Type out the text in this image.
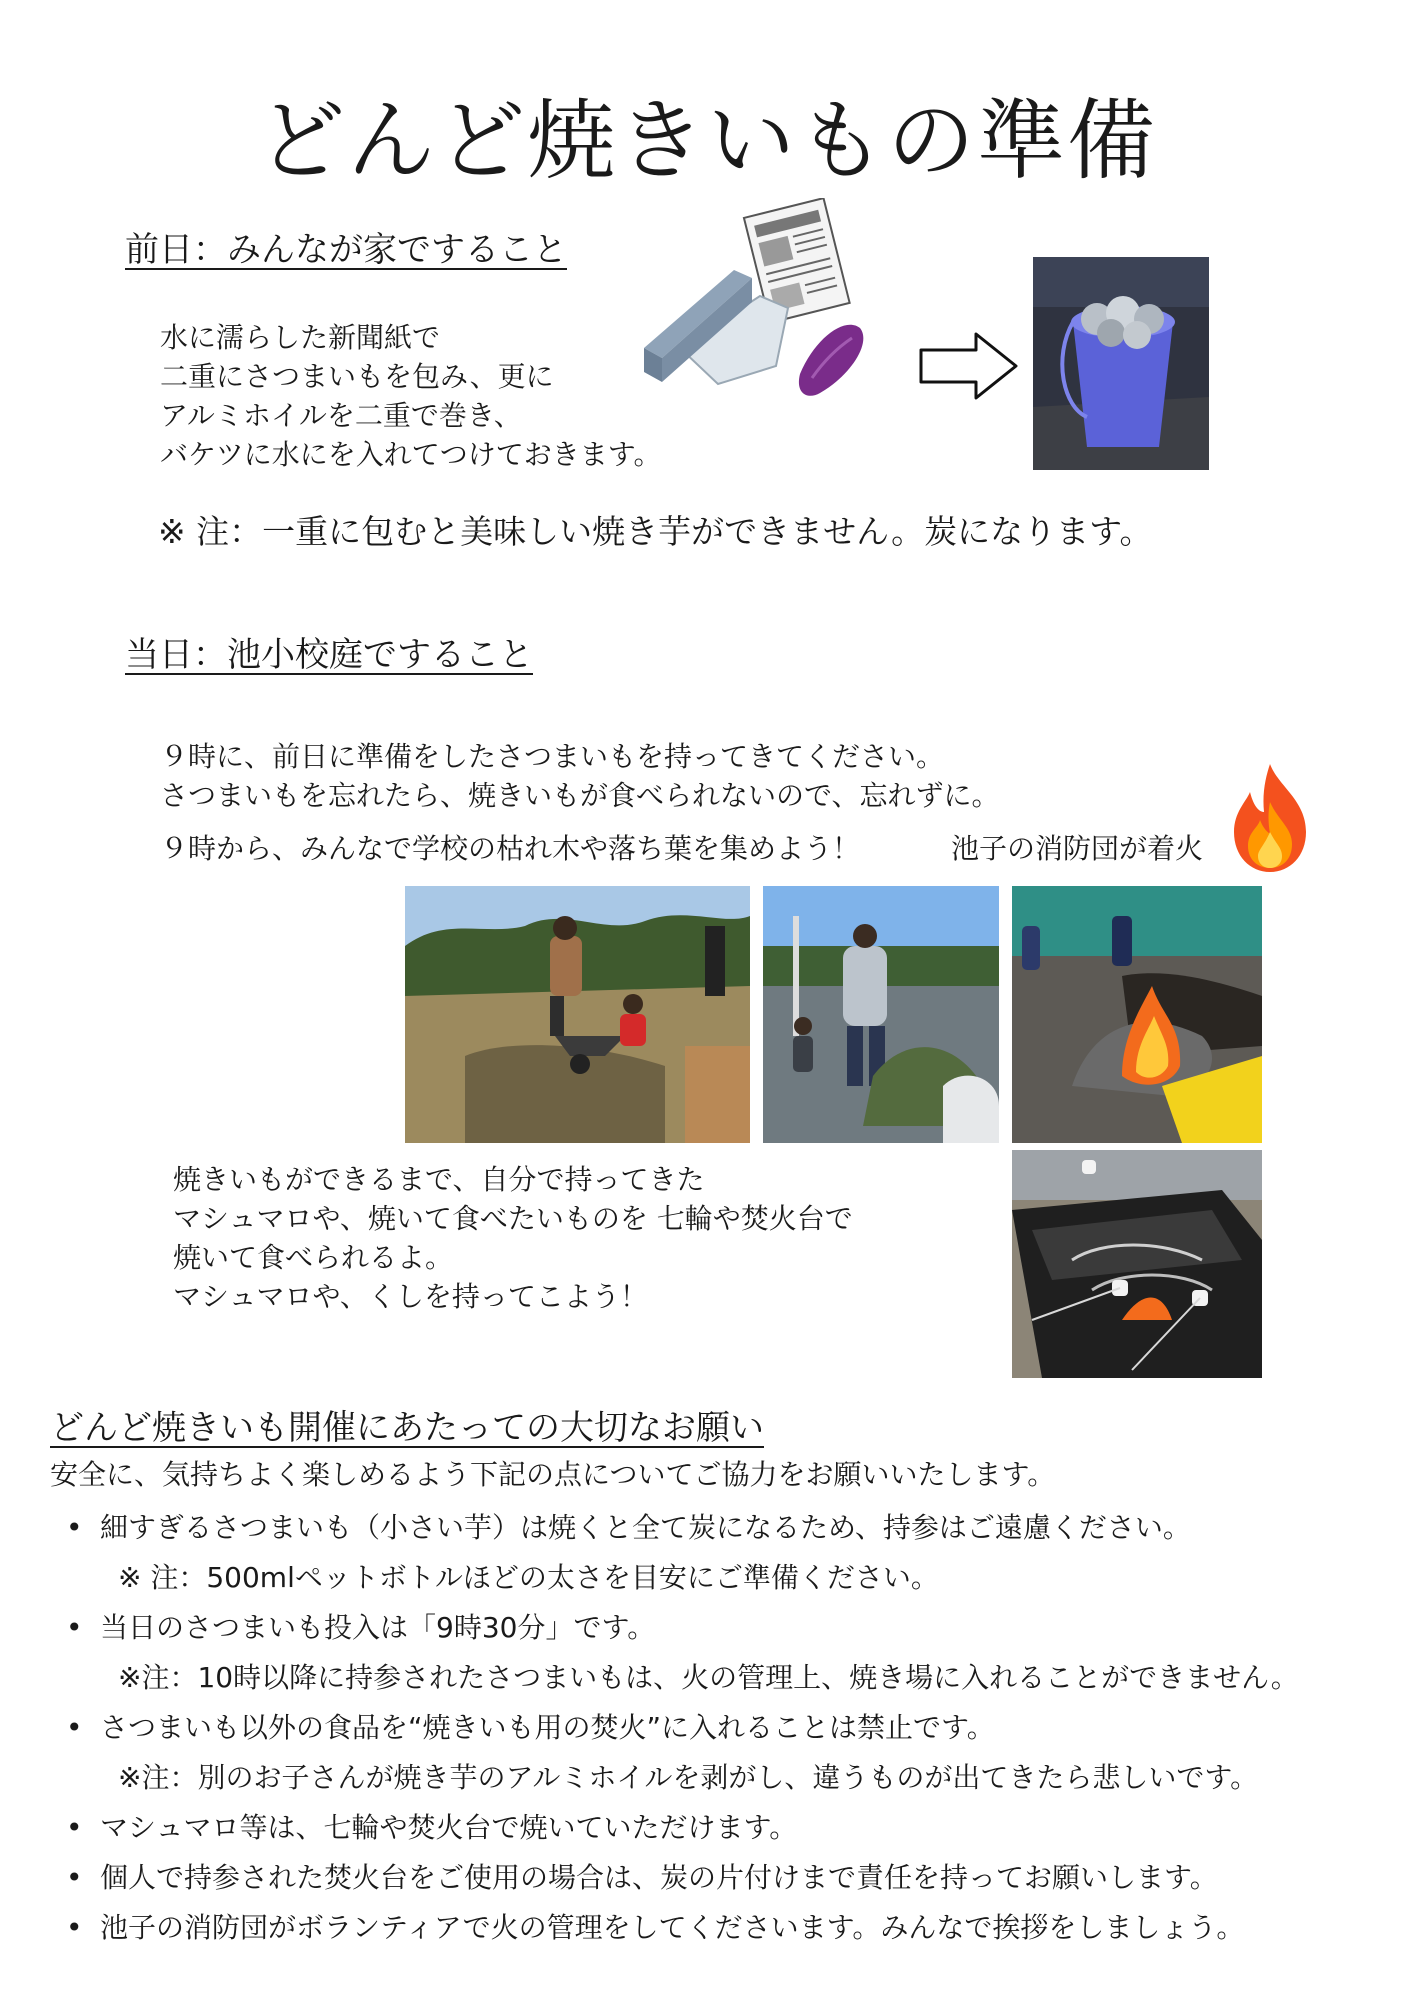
どんど焼きいもの準備
前日：みんなが家ですること
水に濡らした新聞紙で
二重にさつまいもを包み、更に
アルミホイルを二重で巻き、
バケツに水にを入れてつけておきます。
※ 注：一重に包むと美味しい焼き芋ができません。炭になります。
当日：池小校庭ですること
９時に、前日に準備をしたさつまいもを持ってきてください。
さつまいもを忘れたら、焼きいもが食べられないので、忘れずに。
９時から、みんなで学校の枯れ木や落ち葉を集めよう！	池子の消防団が着火
焼きいもができるまで、自分で持ってきた
マシュマロや、焼いて食べたいものを 七輪や焚火台で
焼いて食べられるよ。
マシュマロや、くしを持ってこよう！
どんど焼きいも開催にあたっての大切なお願い
安全に、気持ちよく楽しめるよう下記の点についてご協力をお願いいたします。
• 細すぎるさつまいも（小さい芋）は焼くと全て炭になるため、持参はご遠慮ください。
※ 注：500mlペットボトルほどの太さを目安にご準備ください。
• 当日のさつまいも投入は「9時30分」です。
※注：10時以降に持参されたさつまいもは、火の管理上、焼き場に入れることができません。
• さつまいも以外の食品を“焼きいも用の焚火”に入れることは禁止です。
※注：別のお子さんが焼き芋のアルミホイルを剥がし、違うものが出てきたら悲しいです。
• マシュマロ等は、七輪や焚火台で焼いていただけます。
• 個人で持参された焚火台をご使用の場合は、炭の片付けまで責任を持ってお願いします。
• 池子の消防団がボランティアで火の管理をしてくださいます。みんなで挨拶をしましょう。
